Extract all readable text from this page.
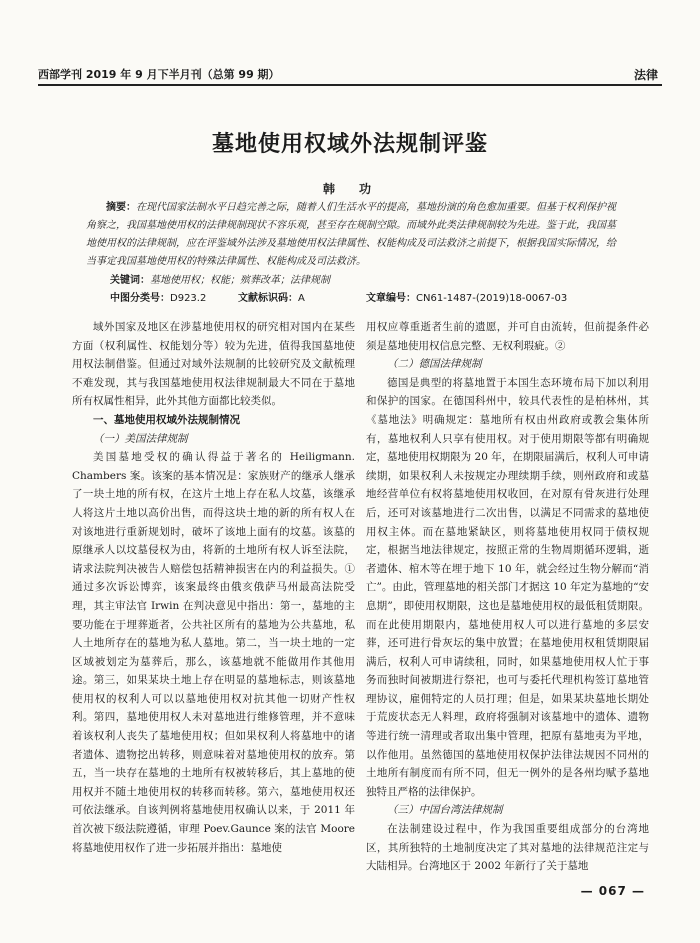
西部学刊 2019 年 9 月下半月刊（总第 99 期）	法律
墓地使用权域外法规制评鉴
韩　功
摘要：在现代国家法制水平日趋完善之际，随着人们生活水平的提高，墓地扮演的角色愈加重要。但基于权利保护视角察之，我国墓地使用权的法律规制现状不容乐观，甚至存在规制空隙。而域外此类法律规制较为先进。鉴于此，我国墓地使用权的法律规制，应在评鉴域外法涉及墓地使用权法律属性、权能构成及司法救济之前提下，根据我国实际情况，给当事定我国墓地使用权的特殊法律属性、权能构成及司法救济。
关键词：墓地使用权；权能；殡葬改革；法律规制
中图分类号：D923.2	文献标识码：A	文章编号：CN61-1487-(2019)18-0067-03

域外国家及地区在涉墓地使用权的研究相对国内在某些方面（权利属性、权能划分等）较为先进，值得我国墓地使用权法制借鉴。但通过对域外法规制的比较研究及文献梳理不难发现，其与我国墓地使用权法律规制最大不同在于墓地所有权属性相异，此外其他方面都比较类似。

一、墓地使用权域外法规制情况
（一）美国法律规制

美国墓地受权的确认得益于著名的 Heiligmann. Chambers 案。该案的基本情况是：家族财产的继承人继承了一块土地的所有权，在这片土地上存在私人坟墓，该继承人将这片土地以高价出售，而得这块土地的新的所有权人在对该地进行重新规划时，破坏了该地上面有的坟墓。该墓的原继承人以坟墓侵权为由，将新的土地所有权人诉至法院，请求法院判决被告人赔偿包括精神损害在内的利益损失。①通过多次诉讼博弈，该案最终由俄亥俄萨马州最高法院受理，其主审法官 Irwin 在判决意见中指出：第一，墓地的主要功能在于埋葬逝者，公共社区所有的墓地为公共墓地，私人土地所存在的墓地为私人墓地。第二，当一块土地的一定区域被划定为墓葬后，那么，该墓地就不能做用作其他用途。第三，如果某块土地上存在明显的墓地标志，则该墓地使用权的权利人可以以墓地使用权对抗其他一切财产性权利。第四，墓地使用权人未对墓地进行维修管理，并不意味着该权利人丧失了墓地使用权；但如果权利人将墓地中的诸者遗体、遗物挖出转移，则意味着对墓地使用权的放弃。第五，当一块存在墓地的土地所有权被转移后，其上墓地的使用权并不随土地使用权的转移而转移。第六，墓地使用权还可依法继承。自该判例将墓地使用权确认以来，于 2011 年首次被下级法院遵循，审理 Poev.Gaunce 案的法官 Moore 将墓地使用权作了进一步拓展并指出：墓地使

用权应尊重逝者生前的遗愿，并可自由流转，但前提条件必须是墓地使用权信息完整、无权利瑕疵。②

（二）德国法律规制

德国是典型的将墓地置于本国生态环境布局下加以利用和保护的国家。在德国科州中，较具代表性的是柏林州，其《墓地法》明确规定：墓地所有权由州政府或教会集体所有，墓地权利人只享有使用权。对于使用期限等都有明确规定，墓地使用权期限为 20 年，在期限届满后，权利人可申请续期，如果权利人未按规定办理续期手续，则州政府和或墓地经营单位有权将墓地使用权收回，在对原有骨灰进行处理后，还可对该墓地进行二次出售，以满足不同需求的墓地使用权主体。而在墓地紧缺区，则将墓地使用权同于债权规定，根据当地法律规定，按照正常的生物周期循环逻辑，逝者遗体、棺木等在埋于地下 10 年，就会经过生物分解而“消亡”。由此，管理墓地的相关部门才据这 10 年定为墓地的“安息期”，即使用权期限，这也是墓地使用权的最低租赁期限。而在此使用期限内，墓地使用权人可以进行墓地的多层安葬，还可进行骨灰坛的集中放置；在墓地使用权租赁期限届满后，权利人可申请续租，同时，如果墓地使用权人忙于事务而独时间被期进行祭祀，也可与委托代理机构签订墓地管理协议，雇佣特定的人员打理；但是，如果某块墓地长期处于荒废状态无人料理，政府将强制对该墓地中的遗体、遗物等进行统一清理或者取出集中管理，把原有墓地夷为平地，以作他用。虽然德国的墓地使用权保护法律法规因不同州的土地所有制度而有所不同，但无一例外的是各州均赋予墓地独特且严格的法律保护。

（三）中国台湾法律规制

在法制建设过程中，作为我国重要组成部分的台湾地区，其所独特的土地制度决定了其对墓地的法律规范注定与大陆相异。台湾地区于 2002 年新行了关于墓地

— 067 —
